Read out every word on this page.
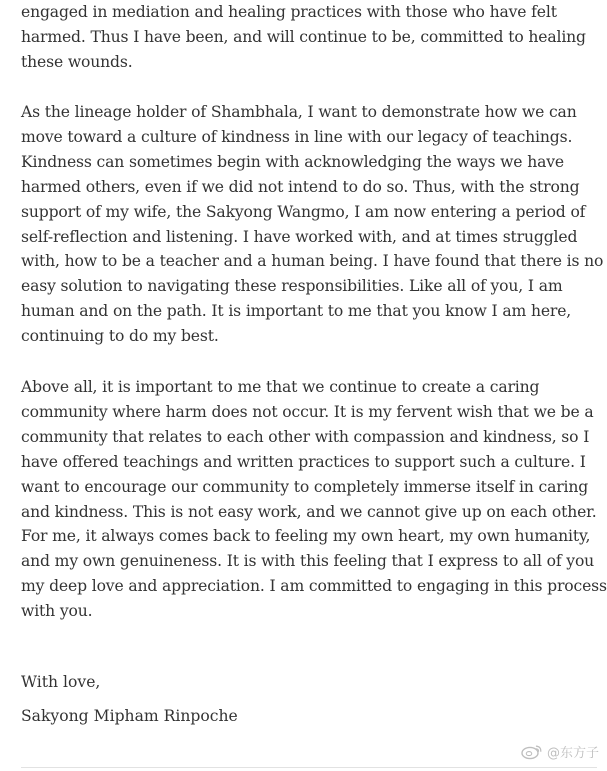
engaged in mediation and healing practices with those who have felt
harmed. Thus I have been, and will continue to be, committed to healing
these wounds.

As the lineage holder of Shambhala, I want to demonstrate how we can
move toward a culture of kindness in line with our legacy of teachings.
Kindness can sometimes begin with acknowledging the ways we have
harmed others, even if we did not intend to do so. Thus, with the strong
support of my wife, the Sakyong Wangmo, I am now entering a period of
self-reflection and listening. I have worked with, and at times struggled
with, how to be a teacher and a human being. I have found that there is no
easy solution to navigating these responsibilities. Like all of you, I am
human and on the path. It is important to me that you know I am here,
continuing to do my best.

Above all, it is important to me that we continue to create a caring
community where harm does not occur. It is my fervent wish that we be a
community that relates to each other with compassion and kindness, so I
have offered teachings and written practices to support such a culture. I
want to encourage our community to completely immerse itself in caring
and kindness. This is not easy work, and we cannot give up on each other.
For me, it always comes back to feeling my own heart, my own humanity,
and my own genuineness. It is with this feeling that I express to all of you
my deep love and appreciation. I am committed to engaging in this process
with you.

With love,
Sakyong Mipham Rinpoche
@东方子
